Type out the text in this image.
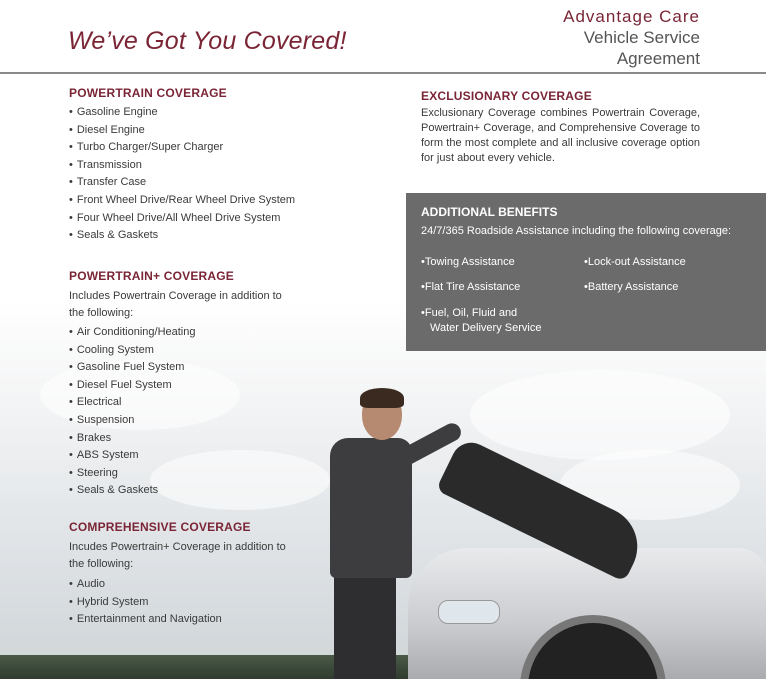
We’ve Got You Covered!
Advantage Care
Vehicle Service
Agreement
POWERTRAIN COVERAGE
• Gasoline Engine
• Diesel Engine
• Turbo Charger/Super Charger
• Transmission
• Transfer Case
• Front Wheel Drive/Rear Wheel Drive System
• Four Wheel Drive/All Wheel Drive System
• Seals & Gaskets
POWERTRAIN+ COVERAGE

Includes Powertrain Coverage in addition to
the following:

• Air Conditioning/Heating
• Cooling System
• Gasoline Fuel System
• Diesel Fuel System
• Electrical
• Suspension
• Brakes
• ABS System
• Steering
• Seals & Gaskets
COMPREHENSIVE COVERAGE

Incudes Powertrain+ Coverage in addition to
the following:

• Audio
• Hybrid System
• Entertainment and Navigation
EXCLUSIONARY COVERAGE

Exclusionary Coverage combines Powertrain Coverage, Powertrain+ Coverage, and Comprehensive Coverage to form the most complete and all inclusive coverage option for just about every vehicle.

ADDITIONAL BENEFITS

24/7/365 Roadside Assistance including the following coverage:

• Towing Assistance	• Lock-out Assistance
• Flat Tire Assistance	• Battery Assistance
• Fuel, Oil, Fluid and
Water Delivery Service
